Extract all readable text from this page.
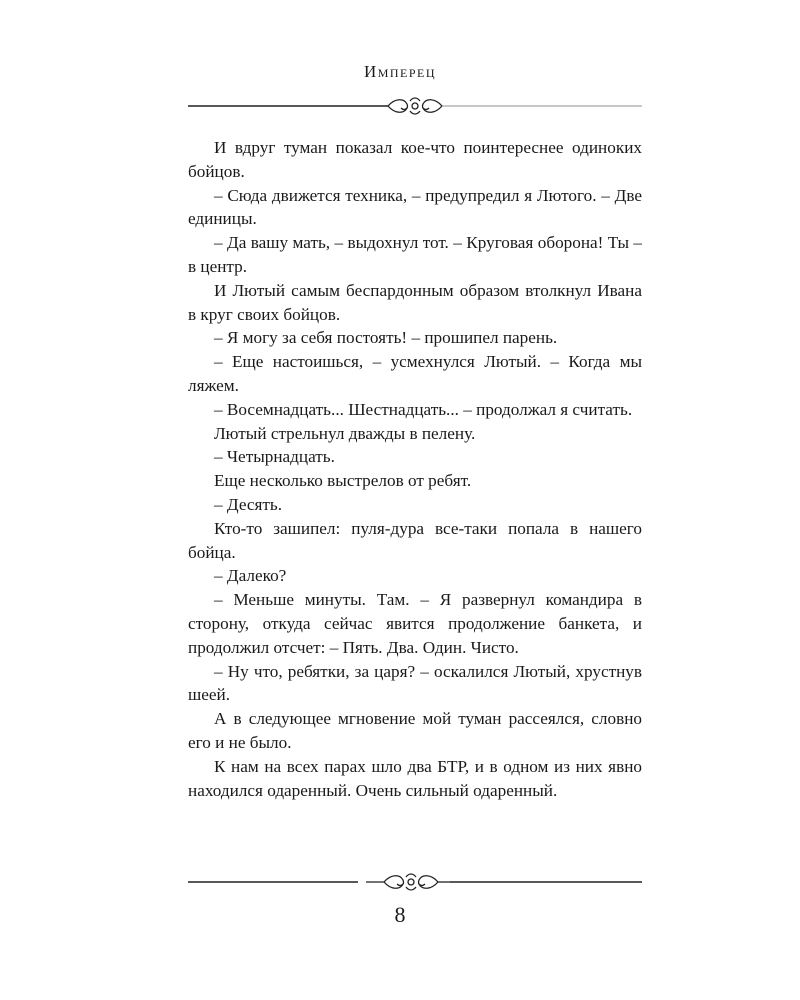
Имперец

И вдруг туман показал кое-что поинтереснее одиноких бойцов.

– Сюда движется техника, – предупредил я Лютого. – Две единицы.

– Да вашу мать, – выдохнул тот. – Круговая оборона! Ты – в центр.

И Лютый самым беспардонным образом втолкнул Ивана в круг своих бойцов.

– Я могу за себя постоять! – прошипел парень.

– Еще настоишься, – усмехнулся Лютый. – Когда мы ляжем.

– Восемнадцать... Шестнадцать... – продолжал я считать.

Лютый стрельнул дважды в пелену.

– Четырнадцать.

Еще несколько выстрелов от ребят.

– Десять.

Кто-то зашипел: пуля-дура все-таки попала в нашего бойца.

– Далеко?

– Меньше минуты. Там. – Я развернул командира в сторону, откуда сейчас явится продолжение банкета, и продолжил отсчет: – Пять. Два. Один. Чисто.

– Ну что, ребятки, за царя? – оскалился Лютый, хрустнув шеей.

А в следующее мгновение мой туман рассеялся, словно его и не было.

К нам на всех парах шло два БТР, и в одном из них явно находился одаренный. Очень сильный одаренный.

8
